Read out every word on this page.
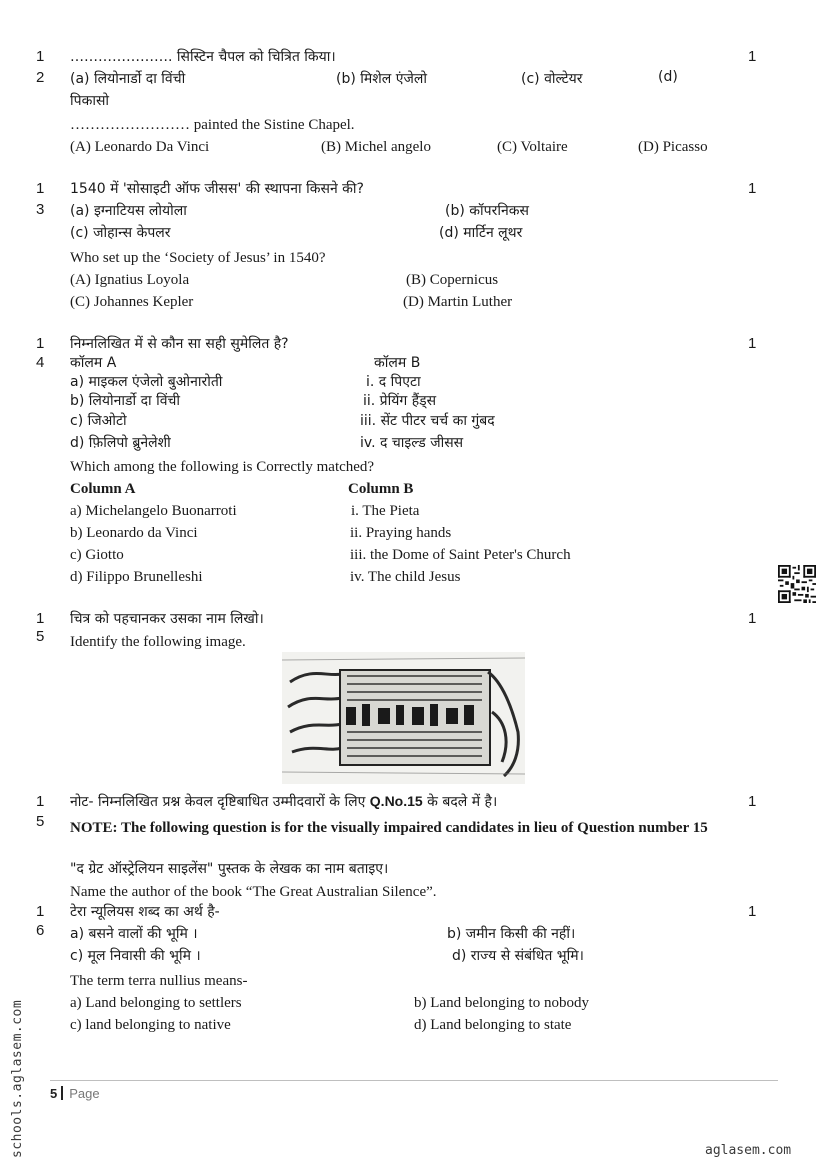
1
2
1
…………………. सिस्टिन चैपल को चित्रित किया।
(a) लियोनार्डो दा विंची	(b) मिशेल एंजेलो	(c) वोल्टेयर	(d)
पिकासो
…………………… painted the Sistine Chapel.
(A) Leonardo Da Vinci	(B) Michel angelo	(C) Voltaire	(D) Picasso
1
3
1
1540 में 'सोसाइटी ऑफ जीसस' की स्थापना किसने की?
(a) इग्नाटियस लोयोला	(b) कॉपरनिकस
(c) जोहान्स केपलर	(d) मार्टिन लूथर
Who set up the ‘Society of Jesus’ in 1540?
(A) Ignatius Loyola	(B) Copernicus
(C) Johannes Kepler	(D) Martin Luther
1
4
1
निम्नलिखित में से कौन सा सही सुमेलित है?
कॉलम A	कॉलम B
a) माइकल एंजेलो बुओनारोती	i. द पिएटा
b) लियोनार्डो दा विंची	ii. प्रेयिंग हैंड्स
c) जिओटो	iii. सेंट पीटर चर्च का गुंबद
d) फ़िलिपो ब्रुनेलेशी	iv. द चाइल्ड जीसस
Which among the following is Correctly matched?
Column A	Column B
a) Michelangelo Buonarroti	i. The Pieta
b) Leonardo da Vinci	ii. Praying hands
c) Giotto	iii. the Dome of Saint Peter's Church
d) Filippo Brunelleshi	iv. The child Jesus
1
5
1
चित्र को पहचानकर उसका नाम लिखो।
Identify the following image.
1
5
1
नोट- निम्नलिखित प्रश्न केवल दृष्टिबाधित उम्मीदवारों के लिए Q.No.15 के बदले में है।
NOTE: The following question is for the visually impaired candidates in lieu of Question number 15
"द ग्रेट ऑस्ट्रेलियन साइलेंस" पुस्तक के लेखक का नाम बताइए।
Name the author of the book “The Great Australian Silence”.
1
6
1
टेरा न्यूलियस शब्द का अर्थ है-
a) बसने वालों की भूमि ।	b) जमीन किसी की नहीं।
c) मूल निवासी की भूमि ।	d) राज्य से संबंधित भूमि।
The term terra nullius means-
a) Land belonging to settlers	b) Land belonging to nobody
c) land belonging to native	d) Land belonging to state
5 Page
schools.aglasem.com	aglasem.com
